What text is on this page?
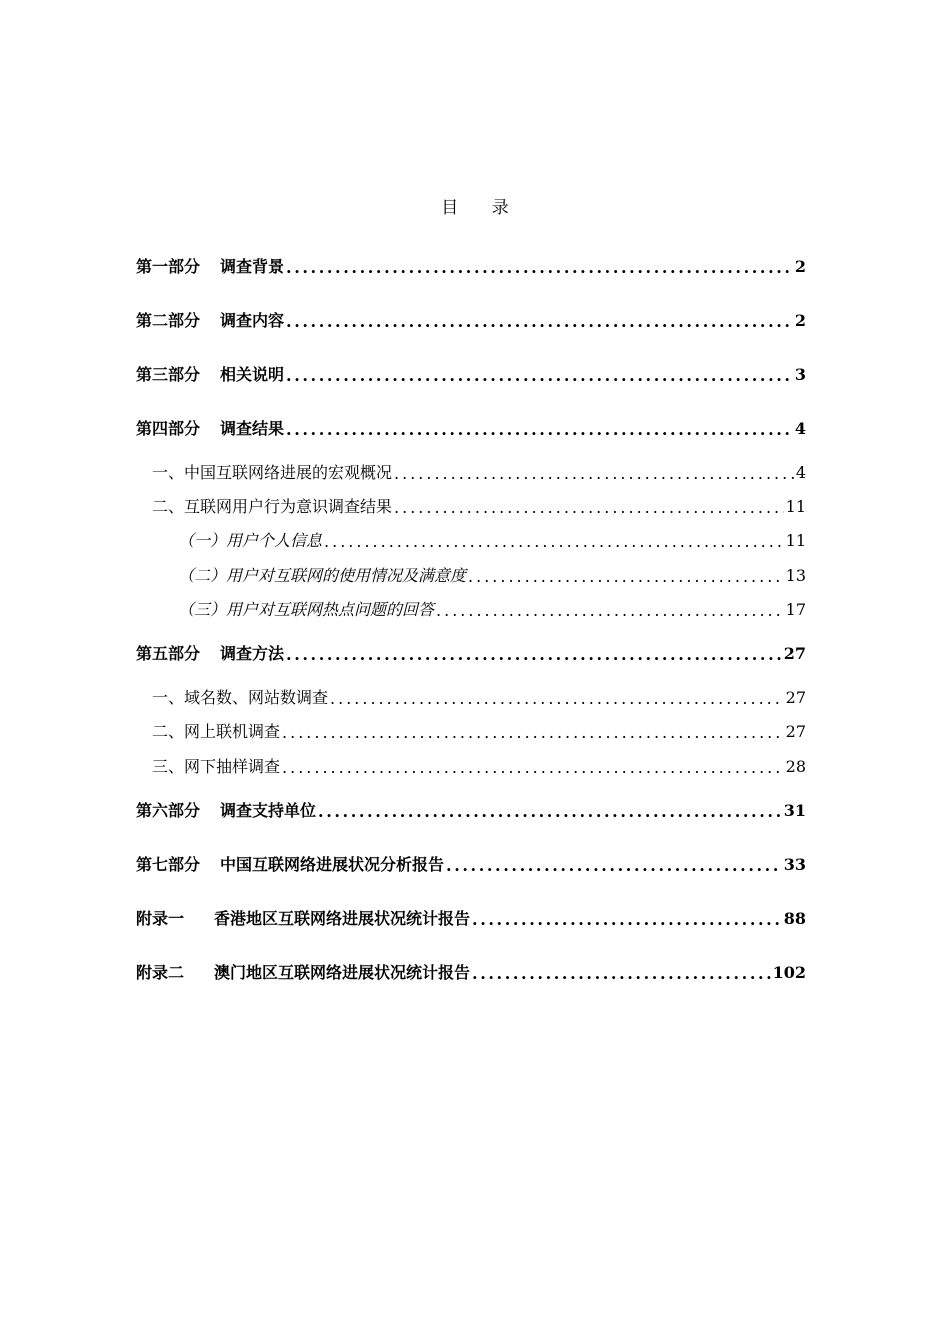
目 录
第一部分 调查背景 .....	2
第二部分 调查内容 .....	2
第三部分 相关说明 .....	3
第四部分 调查结果 .....	4
一、中国互联网络进展的宏观概况 .....	4
二、互联网用户行为意识调查结果 .....	11
（一）用户个人信息 .....	11
（二）用户对互联网的使用情况及满意度 .....	13
（三）用户对互联网热点问题的回答 .....	17
第五部分 调查方法 .....	27
一、域名数、网站数调查 .....	27
二、网上联机调查 .....	27
三、网下抽样调查 .....	28
第六部分 调查支持单位 .....	31
第七部分 中国互联网络进展状况分析报告 .....	33
附录一 香港地区互联网络进展状况统计报告 .....	88
附录二 澳门地区互联网络进展状况统计报告 .....	102
